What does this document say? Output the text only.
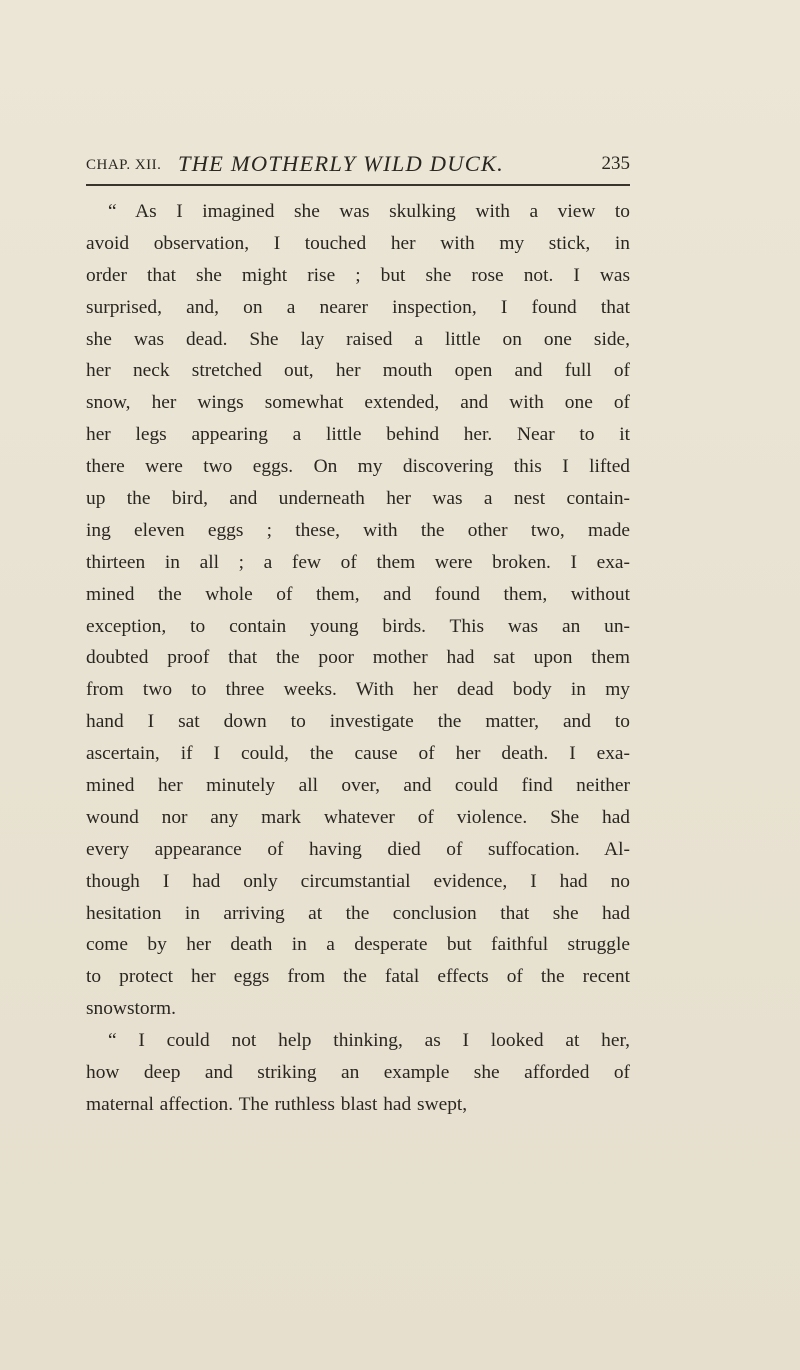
CHAP. XII. THE MOTHERLY WILD DUCK.	235
“ As I imagined she was skulking with a view to
avoid observation, I touched her with my stick, in
order that she might rise ; but she rose not. I was
surprised, and, on a nearer inspection, I found that
she was dead. She lay raised a little on one side,
her neck stretched out, her mouth open and full of
snow, her wings somewhat extended, and with one of
her legs appearing a little behind her. Near to it
there were two eggs. On my discovering this I lifted
up the bird, and underneath her was a nest contain-
ing eleven eggs ; these, with the other two, made
thirteen in all ; a few of them were broken. I exa-
mined the whole of them, and found them, without
exception, to contain young birds. This was an un-
doubted proof that the poor mother had sat upon them
from two to three weeks. With her dead body in my
hand I sat down to investigate the matter, and to
ascertain, if I could, the cause of her death. I exa-
mined her minutely all over, and could find neither
wound nor any mark whatever of violence. She had
every appearance of having died of suffocation. Al-
though I had only circumstantial evidence, I had no
hesitation in arriving at the conclusion that she had
come by her death in a desperate but faithful struggle
to protect her eggs from the fatal effects of the recent
snowstorm.
“ I could not help thinking, as I looked at her,
how deep and striking an example she afforded of
maternal affection. The ruthless blast had swept,
